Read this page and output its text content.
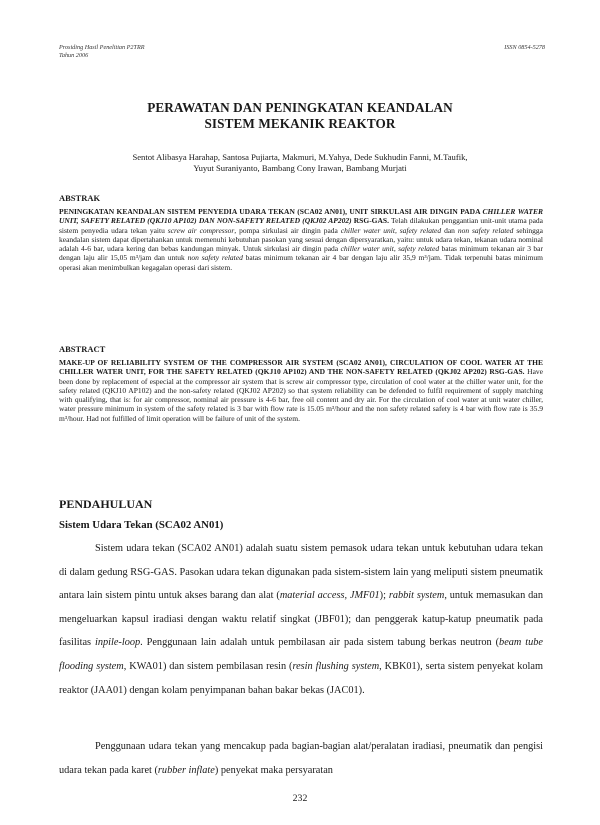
Prosiding Hasil Penelitian P2TRR
Tahun 2006
ISSN 0854-5278
PERAWATAN DAN PENINGKATAN KEANDALAN
SISTEM MEKANIK REAKTOR
Sentot Alibasya Harahap, Santosa Pujiarta, Makmuri, M.Yahya, Dede Sukhudin Fanni, M.Taufik,
Yuyut Suraniyanto, Bambang Cony Irawan, Bambang Murjati
ABSTRAK
PENINGKATAN KEANDALAN SISTEM PENYEDIA UDARA TEKAN (SCA02 AN01), UNIT SIRKULASI AIR DINGIN PADA CHILLER WATER UNIT, SAFETY RELATED (QKJ10 AP102) DAN NON-SAFETY RELATED (QKJ02 AP202) RSG-GAS. Telah dilakukan penggantian unit-unit utama pada sistem penyedia udara tekan yaitu screw air compressor, pompa sirkulasi air dingin pada chiller water unit, safety related dan non safety related sehingga keandalan sistem dapat dipertahankan untuk memenuhi kebutuhan pasokan yang sesuai dengan dipersyaratkan, yaitu: untuk udara tekan, tekanan udara nominal adalah 4-6 bar, udara kering dan bebas kandungan minyak. Untuk sirkulasi air dingin pada chiller water unit, safety related batas minimum tekanan air 3 bar dengan laju alir 15,05 m³/jam dan untuk non safety related batas minimum tekanan air 4 bar dengan laju alir 35,9 m³/jam. Tidak terpenuhi batas minimum operasi akan menimbulkan kegagalan operasi dari sistem.
ABSTRACT
MAKE-UP OF RELIABILITY SYSTEM OF THE COMPRESSOR AIR SYSTEM (SCA02 AN01), CIRCULATION OF COOL WATER AT THE CHILLER WATER UNIT, FOR THE SAFETY RELATED (QKJ10 AP102) AND THE NON-SAFETY RELATED (QKJ02 AP202) RSG-GAS. Have been done by replacement of especial at the compressor air system that is screw air compressor type, circulation of cool water at the chiller water unit, for the safety related (QKJ10 AP102) and the non-safety related (QKJ02 AP202) so that system reliability can be defended to fulfil requirement of supply matching with qualifying, that is: for air compressor, nominal air pressure is 4-6 bar, free oil content and dry air. For the circulation of cool water at unit water chiller, water pressure minimum in system of the safety related is 3 bar with flow rate is 15.05 m³/hour and the non safety related safety is 4 bar with flow rate is 35.9 m³/hour. Had not fulfilled of limit operation will be failure of unit of the system.
PENDAHULUAN
Sistem Udara Tekan (SCA02 AN01)
Sistem udara tekan (SCA02 AN01) adalah suatu sistem pemasok udara tekan untuk kebutuhan udara tekan di dalam gedung RSG-GAS. Pasokan udara tekan digunakan pada sistem-sistem lain yang meliputi sistem pneumatik antara lain sistem pintu untuk akses barang dan alat (material access, JMF01); rabbit system, untuk memasukan dan mengeluarkan kapsul iradiasi dengan waktu relatif singkat (JBF01); dan penggerak katup-katup pneumatik pada fasilitas inpile-loop. Penggunaan lain adalah untuk pembilasan air pada sistem tabung berkas neutron (beam tube flooding system, KWA01) dan sistem pembilasan resin (resin flushing system, KBK01), serta sistem penyekat kolam reaktor (JAA01) dengan kolam penyimpanan bahan bakar bekas (JAC01).
Penggunaan udara tekan yang mencakup pada bagian-bagian alat/peralatan iradiasi, pneumatik dan pengisi udara tekan pada karet (rubber inflate) penyekat maka persyaratan
232
